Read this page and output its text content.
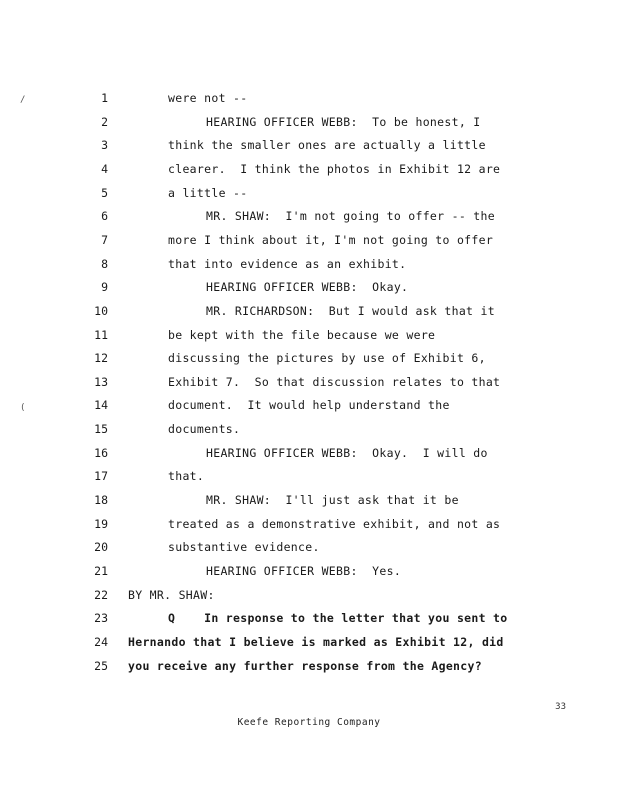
1	were not --
2	HEARING OFFICER WEBB:  To be honest, I
3	think the smaller ones are actually a little
4	clearer.  I think the photos in Exhibit 12 are
5	a little --
6	MR. SHAW:  I'm not going to offer -- the
7	more I think about it, I'm not going to offer
8	that into evidence as an exhibit.
9	HEARING OFFICER WEBB:  Okay.
10	MR. RICHARDSON:  But I would ask that it
11	be kept with the file because we were
12	discussing the pictures by use of Exhibit 6,
13	Exhibit 7.  So that discussion relates to that
14	document.  It would help understand the
15	documents.
16	HEARING OFFICER WEBB:  Okay.  I will do
17	that.
18	MR. SHAW:  I'll just ask that it be
19	treated as a demonstrative exhibit, and not as
20	substantive evidence.
21	HEARING OFFICER WEBB:  Yes.
22 BY MR. SHAW:
23	Q    In response to the letter that you sent to
24 Hernando that I believe is marked as Exhibit 12, did
25 you receive any further response from the Agency?
/
(
33
Keefe Reporting Company
